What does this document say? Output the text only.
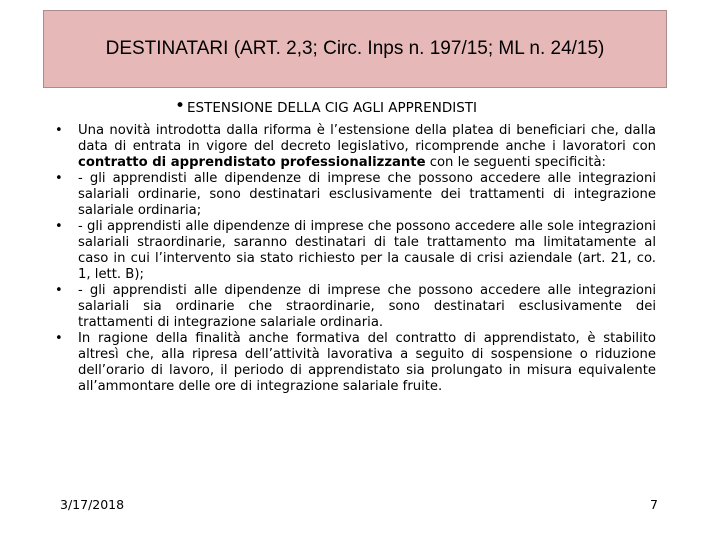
DESTINATARI (ART. 2,3; Circ. Inps n. 197/15; ML n. 24/15)
• ESTENSIONE DELLA CIG AGLI APPRENDISTI
• Una novità introdotta dalla riforma è l’estensione della platea di beneficiari che, dalla data di entrata in vigore del decreto legislativo, ricomprende anche i lavoratori con contratto di apprendistato professionalizzante con le seguenti specificità:
• - gli apprendisti alle dipendenze di imprese che possono accedere alle integrazioni salariali ordinarie, sono destinatari esclusivamente dei trattamenti di integrazione salariale ordinaria;
• - gli apprendisti alle dipendenze di imprese che possono accedere alle sole integrazioni salariali straordinarie, saranno destinatari di tale trattamento ma limitatamente al caso in cui l’intervento sia stato richiesto per la causale di crisi aziendale (art. 21, co. 1, lett. B);
• - gli apprendisti alle dipendenze di imprese che possono accedere alle integrazioni salariali sia ordinarie che straordinarie, sono destinatari esclusivamente dei trattamenti di integrazione salariale ordinaria.
• In ragione della finalità anche formativa del contratto di apprendistato, è stabilito altresì che, alla ripresa dell’attività lavorativa a seguito di sospensione o riduzione dell’orario di lavoro, il periodo di apprendistato sia prolungato in misura equivalente all’ammontare delle ore di integrazione salariale fruite.
3/17/2018	7
